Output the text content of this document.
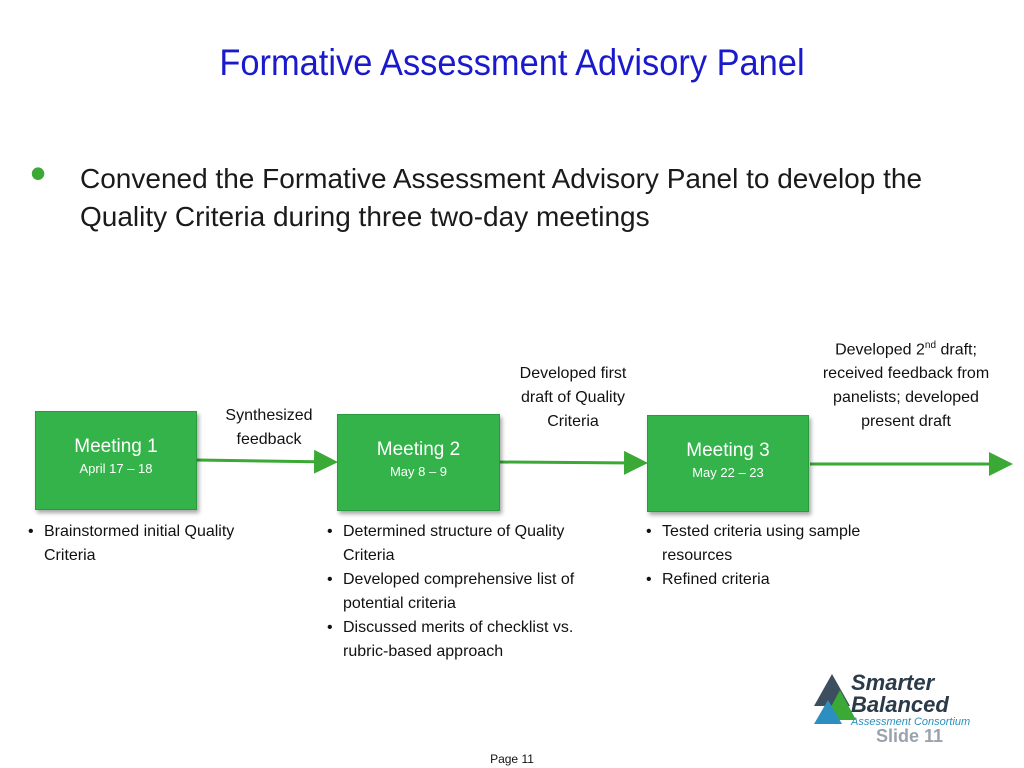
Formative Assessment Advisory Panel
• Convened the Formative Assessment Advisory Panel to develop the Quality Criteria during three two-day meetings
Meeting 1
April 17 – 18
Meeting 2
May 8 – 9
Meeting 3
May 22 – 23
Synthesized feedback
Developed first draft of Quality Criteria
Developed 2nd draft; received feedback from panelists; developed present draft
• Brainstormed initial Quality Criteria
• Determined structure of Quality Criteria
• Developed comprehensive list of potential criteria
• Discussed merits of checklist vs. rubric-based approach
• Tested criteria using sample resources
• Refined criteria
Smarter
Balanced
Assessment Consortium
Slide 11
Page 11
